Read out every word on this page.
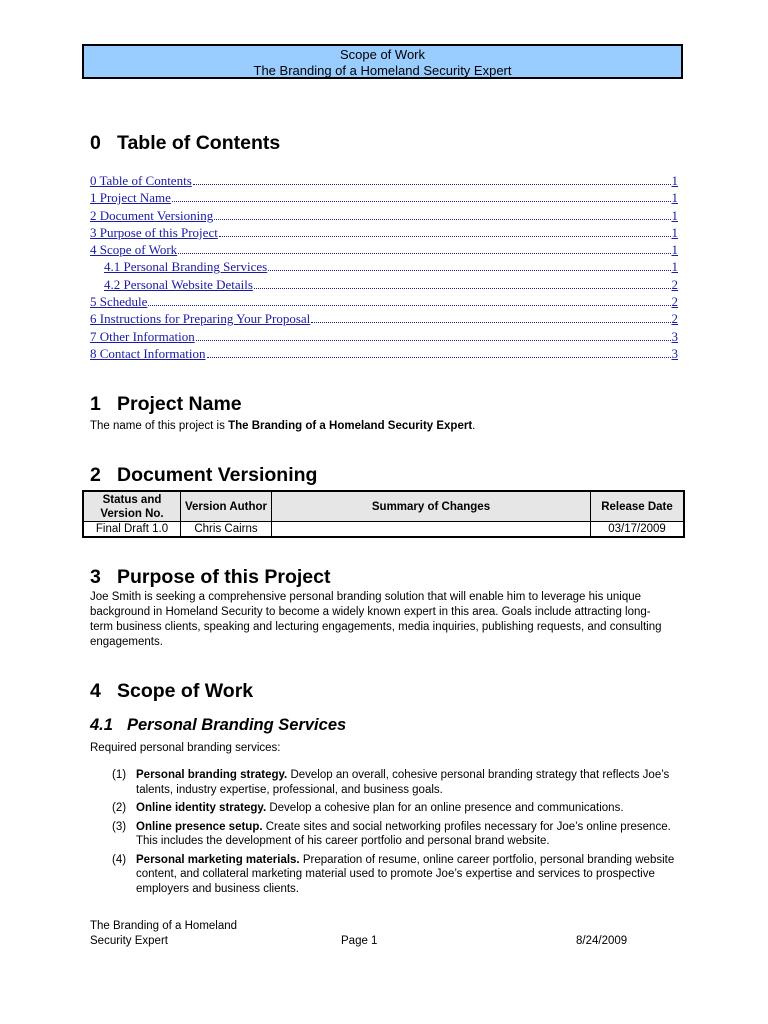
Scope of Work
The Branding of a Homeland Security Expert
0 Table of Contents
0 Table of Contents	1
1 Project Name	1
2 Document Versioning	1
3 Purpose of this Project	1
4 Scope of Work	1
4.1 Personal Branding Services	1
4.2 Personal Website Details	2
5 Schedule	2
6 Instructions for Preparing Your Proposal	2
7 Other Information	3
8 Contact Information	3
1 Project Name

The name of this project is The Branding of a Homeland Security Expert.

2 Document Versioning
Status and Version No.	Version Author	Summary of Changes	Release Date
Final Draft 1.0	Chris Cairns		03/17/2009
3 Purpose of this Project

Joe Smith is seeking a comprehensive personal branding solution that will enable him to leverage his unique background in Homeland Security to become a widely known expert in this area. Goals include attracting long-term business clients, speaking and lecturing engagements, media inquiries, publishing requests, and consulting engagements.

4 Scope of Work
4.1 Personal Branding Services

Required personal branding services:

(1) Personal branding strategy. Develop an overall, cohesive personal branding strategy that reflects Joe’s talents, industry expertise, professional, and business goals.
(2) Online identity strategy. Develop a cohesive plan for an online presence and communications.
(3) Online presence setup. Create sites and social networking profiles necessary for Joe’s online presence. This includes the development of his career portfolio and personal brand website.
(4) Personal marketing materials. Preparation of resume, online career portfolio, personal branding website content, and collateral marketing material used to promote Joe’s expertise and services to prospective employers and business clients.
The Branding of a Homeland Security Expert	Page 1	8/24/2009
